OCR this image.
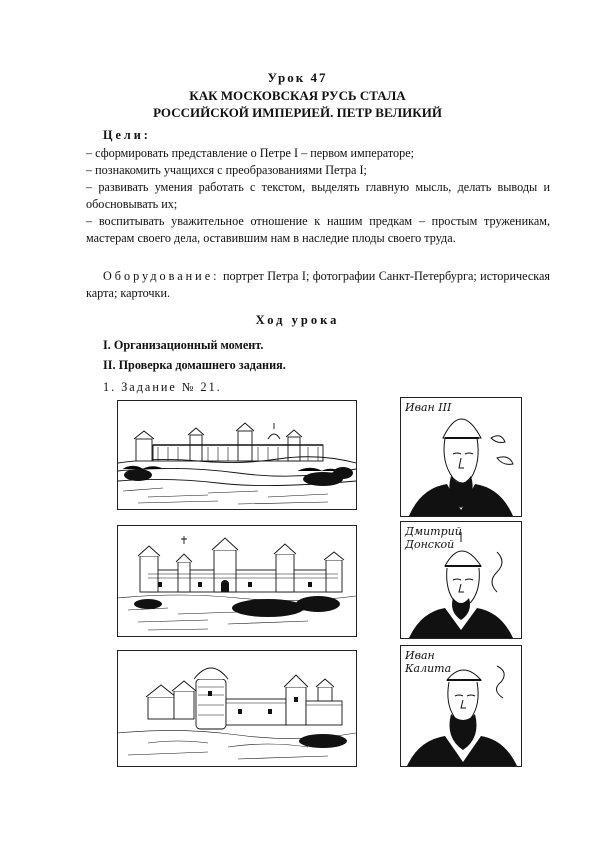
Урок 47
КАК МОСКОВСКАЯ РУСЬ СТАЛА
РОССИЙСКОЙ ИМПЕРИЕЙ. ПЕТР ВЕЛИКИЙ
Цели:

– сформировать представление о Петре I – первом императоре;

– познакомить учащихся с преобразованиями Петра I;

– развивать умения работать с текстом, выделять главную мысль, делать выводы и обосновывать их;

– воспитывать уважительное отношение к нашим предкам – простым труженикам, мастерам своего дела, оставившим нам в наследие плоды своего труда.

Оборудование: портрет Петра I; фотографии Санкт-Петербурга; историческая карта; карточки.
Ход урока
I. Организационный момент.
II. Проверка домашнего задания.
1. Задание № 21.
Иван III
Дмитрий
Донской
Иван
Калита
